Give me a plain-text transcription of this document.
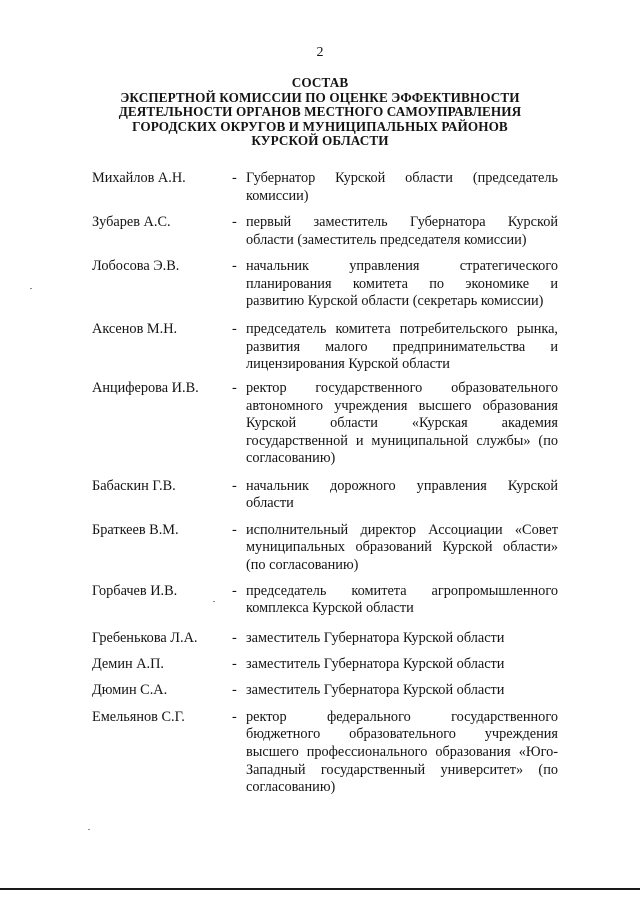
2
СОСТАВ
ЭКСПЕРТНОЙ КОМИССИИ ПО ОЦЕНКЕ ЭФФЕКТИВНОСТИ
ДЕЯТЕЛЬНОСТИ ОРГАНОВ МЕСТНОГО САМОУПРАВЛЕНИЯ
ГОРОДСКИХ ОКРУГОВ И МУНИЦИПАЛЬНЫХ РАЙОНОВ
КУРСКОЙ ОБЛАСТИ
Михайлов А.Н.	- Губернатор Курской области (председатель
комиссии)
Зубарев А.С.	- первый заместитель Губернатора Курской
области (заместитель председателя комиссии)
Лобосова Э.В.	- начальник управления стратегического
планирования комитета по экономике и
развитию Курской области (секретарь комиссии)
Аксенов М.Н.	- председатель комитета потребительского рынка,
развития малого предпринимательства и
лицензирования Курской области
Анциферова И.В.	- ректор государственного образовательного
автономного учреждения высшего образования
Курской области «Курская академия
государственной и муниципальной службы» (по
согласованию)
Бабаскин Г.В.	- начальник дорожного управления Курской
области
Браткеев В.М.	- исполнительный директор Ассоциации «Совет
муниципальных образований Курской области»
(по согласованию)
Горбачев И.В.	- председатель комитета агропромышленного
комплекса Курской области
Гребенькова Л.А.	- заместитель Губернатора Курской области
Демин А.П.	- заместитель Губернатора Курской области
Дюмин С.А.	- заместитель Губернатора Курской области
Емельянов С.Г.	- ректор федерального государственного
бюджетного образовательного учреждения
высшего профессионального образования «Юго-
Западный государственный университет» (по
согласованию)
